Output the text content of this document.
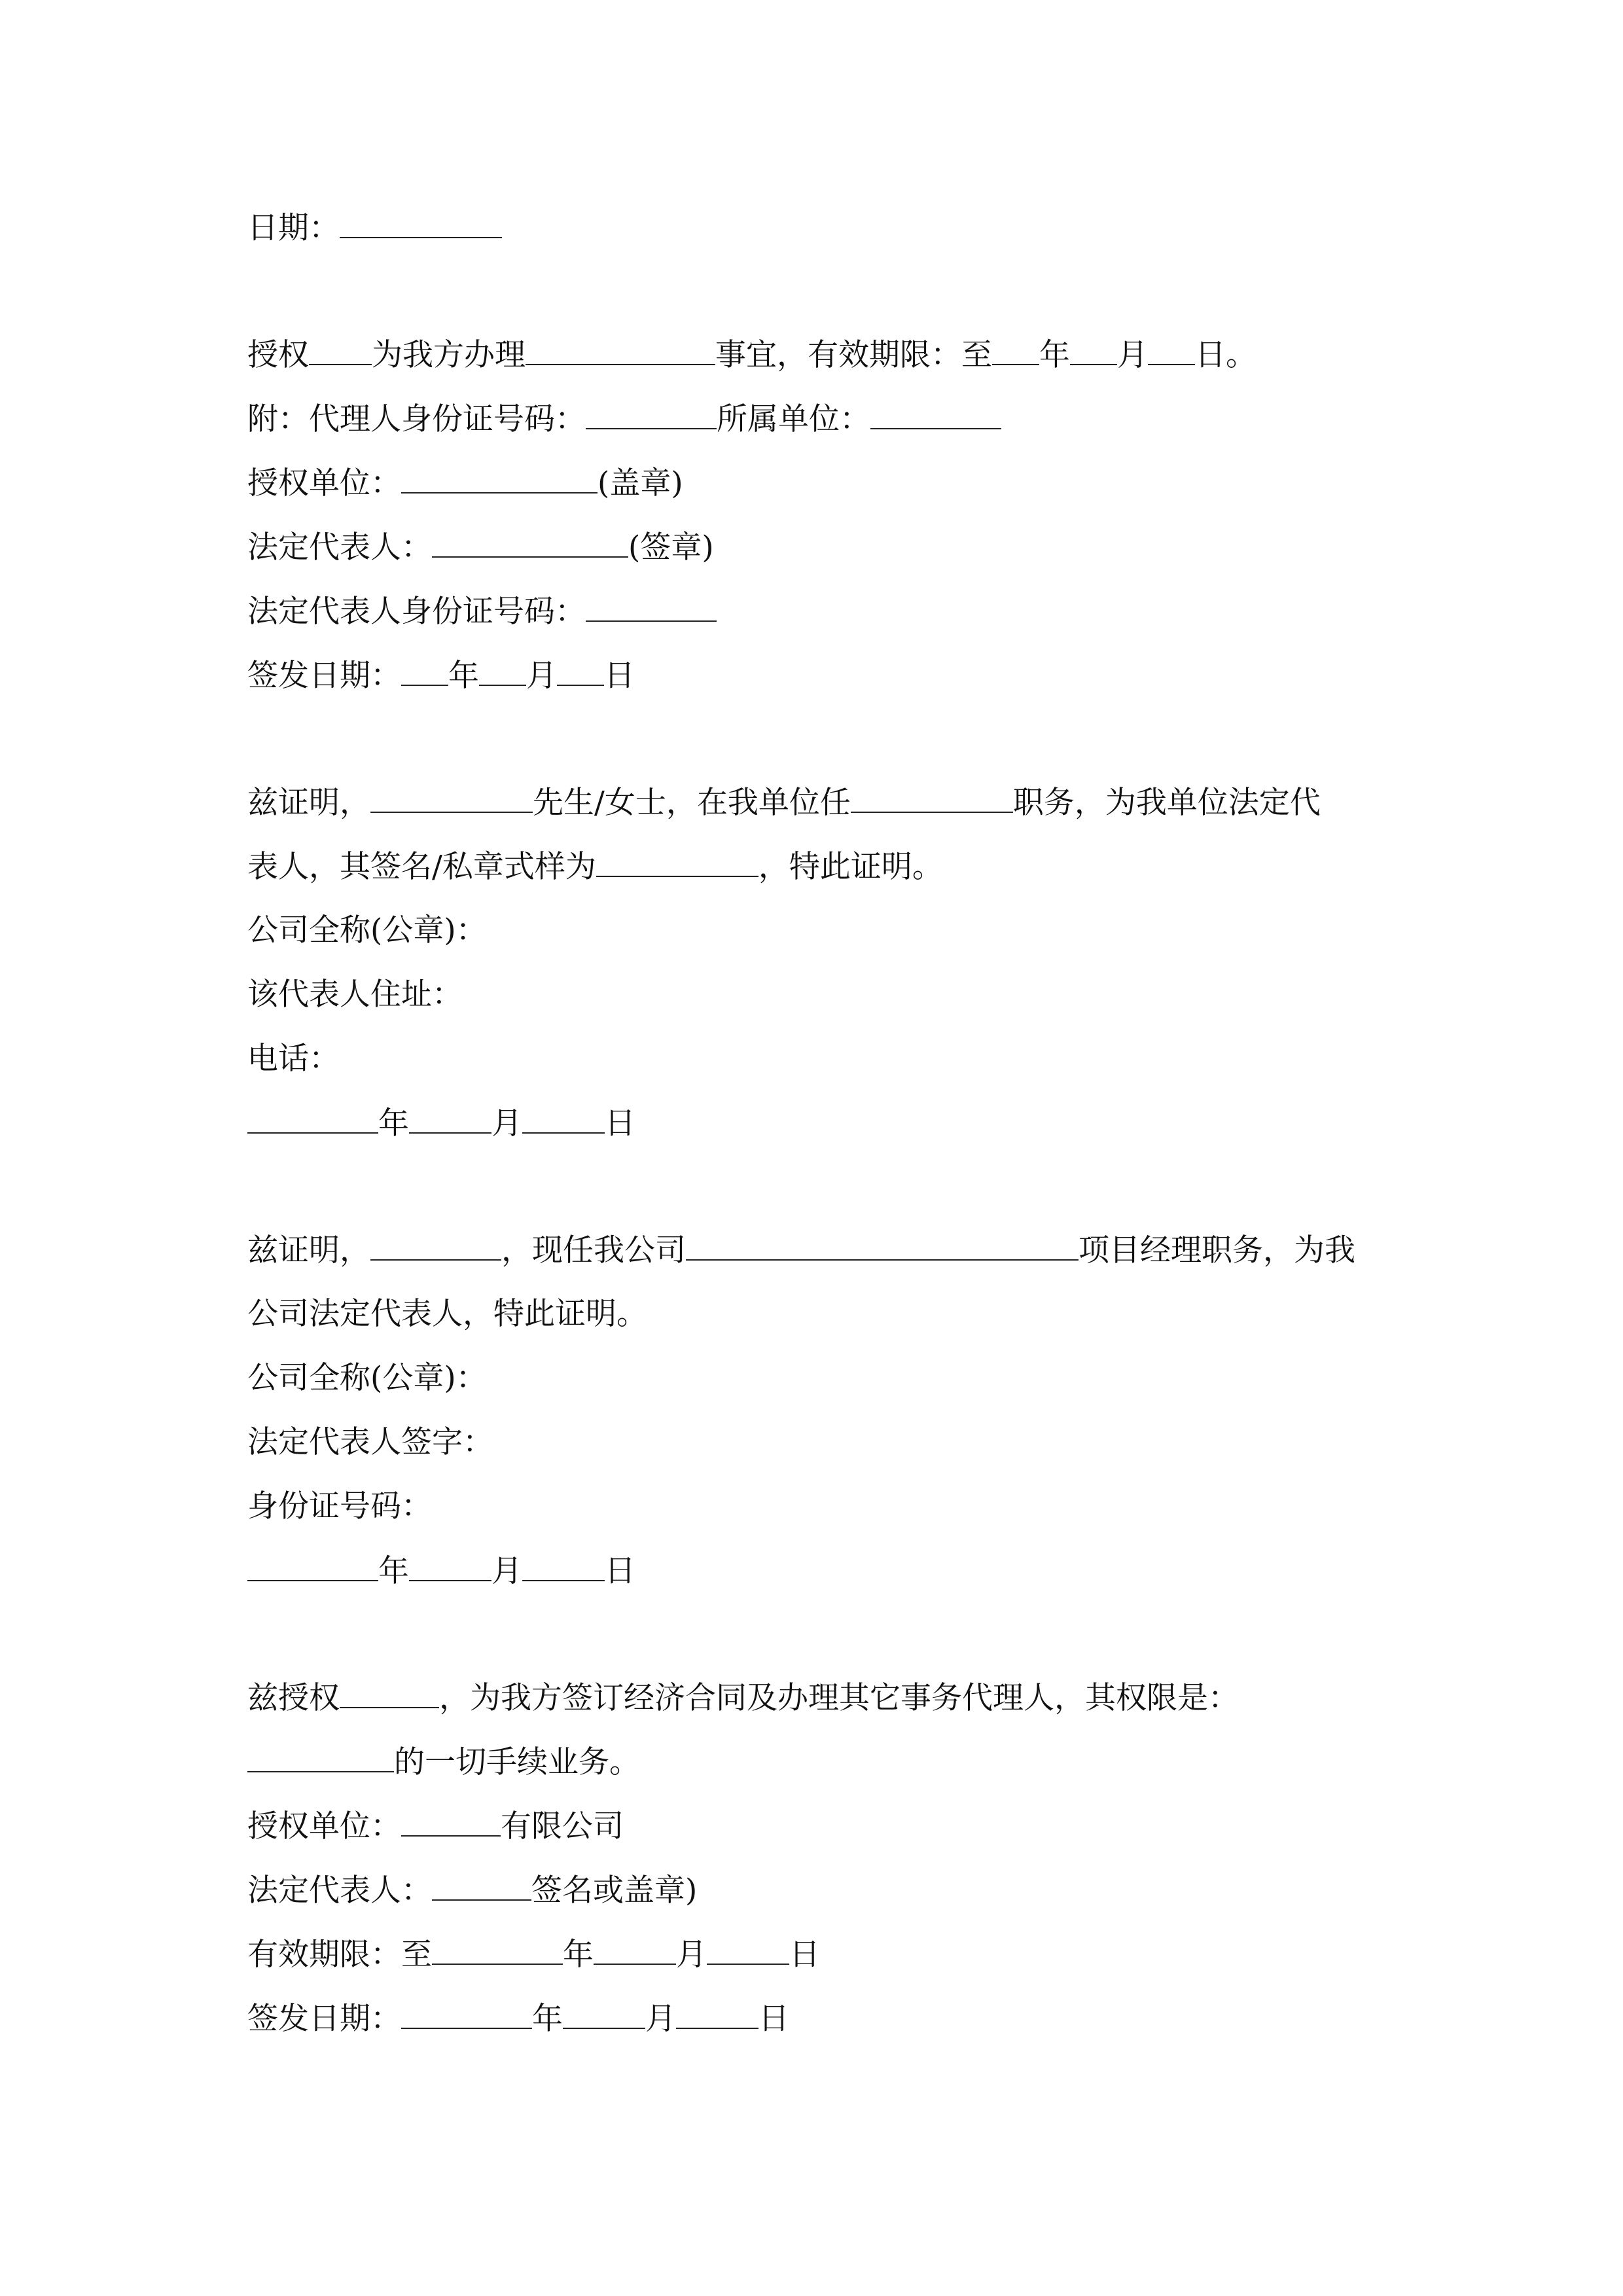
日期：
授权 为我方办理	事宜，有效期限：至 年 月 日。
附：代理人身份证号码：	所属单位：
授权单位：	(盖章)
法定代表人：	(签章)
法定代表人身份证号码：
签发日期： 年 月 日
兹证明，	先生/女士，在我单位任	职务，为我单位法定代
表人，其签名/私章式样为	，特此证明。
公司全称(公章)：
该代表人住址：
电话：
年	月	日
兹证明，	，现任我公司	项目经理职务，为我
公司法定代表人，特此证明。
公司全称(公章)：
法定代表人签字：
身份证号码：
年	月	日
兹授权	，为我方签订经济合同及办理其它事务代理人，其权限是：
的一切手续业务。
授权单位：	有限公司
法定代表人：	签名或盖章)
有效期限：至	年	月	日
签发日期：	年	月	日
